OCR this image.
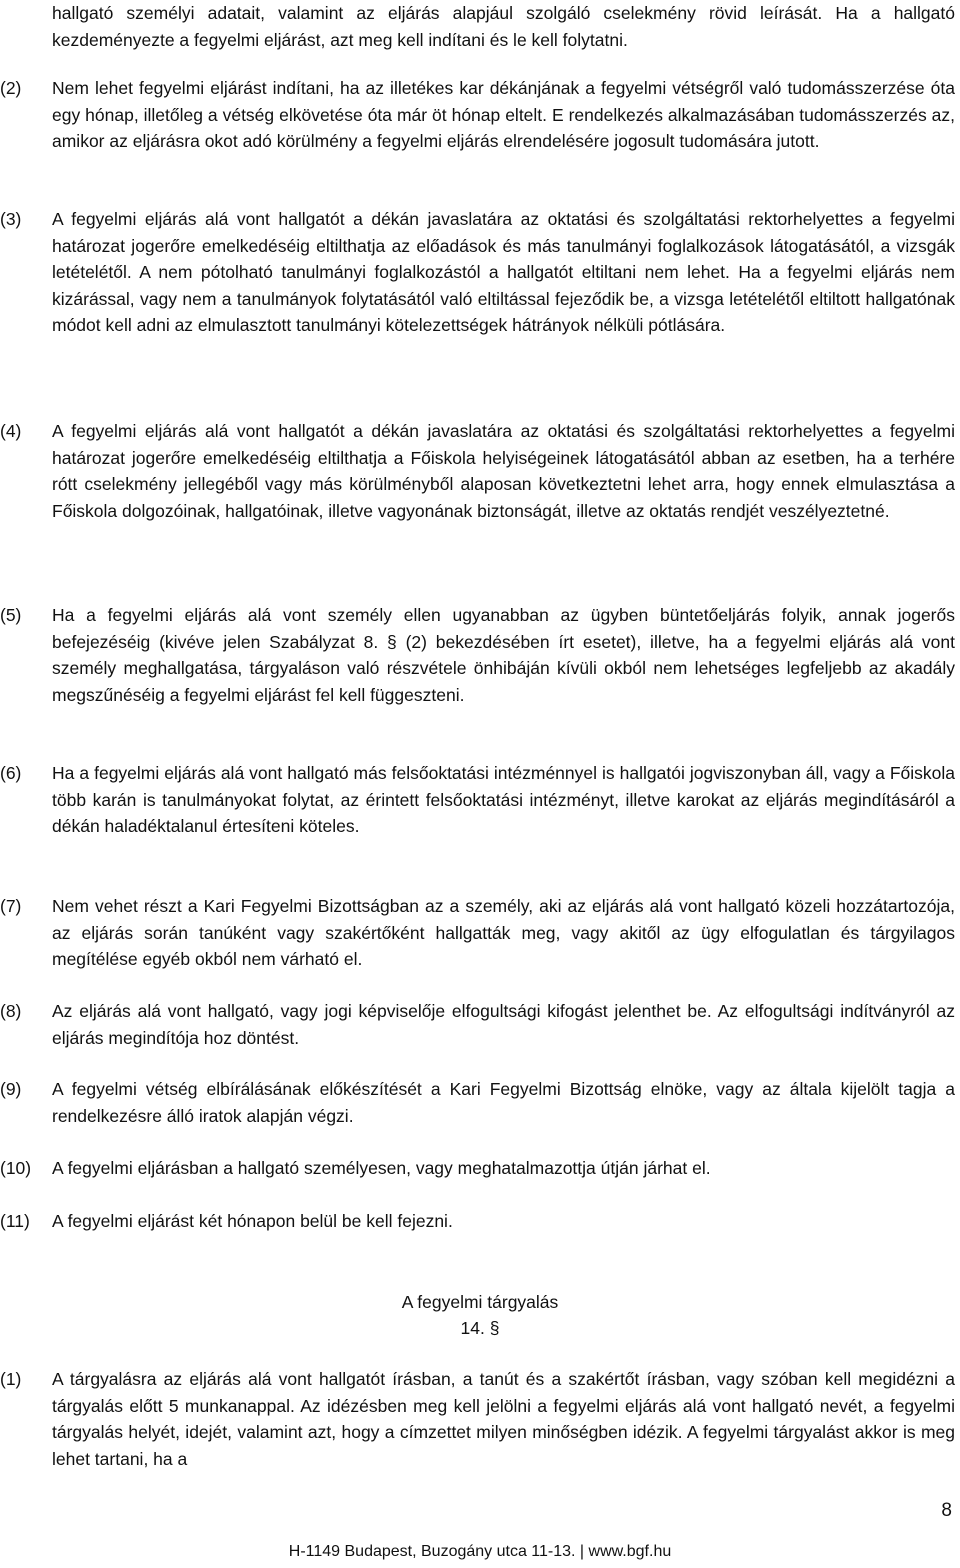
hallgató személyi adatait, valamint az eljárás alapjául szolgáló cselekmény rövid leírását. Ha a hallgató kezdeményezte a fegyelmi eljárást, azt meg kell indítani és le kell folytatni.
(2)	Nem lehet fegyelmi eljárást indítani, ha az illetékes kar dékánjának a fegyelmi vétségről való tudomásszerzése óta egy hónap, illetőleg a vétség elkövetése óta már öt hónap eltelt. E rendelkezés alkalmazásában tudomásszerzés az, amikor az eljárásra okot adó körülmény a fegyelmi eljárás elrendelésére jogosult tudomására jutott.
(3)	A fegyelmi eljárás alá vont hallgatót a dékán javaslatára az oktatási és szolgáltatási rektorhelyettes a fegyelmi határozat jogerőre emelkedéséig eltilthatja az előadások és más tanulmányi foglalkozások látogatásától, a vizsgák letételétől. A nem pótolható tanulmányi foglalkozástól a hallgatót eltiltani nem lehet. Ha a fegyelmi eljárás nem kizárással, vagy nem a tanulmányok folytatásától való eltiltással fejeződik be, a vizsga letételétől eltiltott hallgatónak módot kell adni az elmulasztott tanulmányi kötelezettségek hátrányok nélküli pótlására.
(4)	A fegyelmi eljárás alá vont hallgatót a dékán javaslatára az oktatási és szolgáltatási rektorhelyettes a fegyelmi határozat jogerőre emelkedéséig eltilthatja a Főiskola helyiségeinek látogatásától abban az esetben, ha a terhére rótt cselekmény jellegéből vagy más körülményből alaposan következtetni lehet arra, hogy ennek elmulasztása a Főiskola dolgozóinak, hallgatóinak, illetve vagyonának biztonságát, illetve az oktatás rendjét veszélyeztetné.
(5)	Ha a fegyelmi eljárás alá vont személy ellen ugyanabban az ügyben büntetőeljárás folyik, annak jogerős befejezéséig (kivéve jelen Szabályzat 8. § (2) bekezdésében írt esetet), illetve, ha a fegyelmi eljárás alá vont személy meghallgatása, tárgyaláson való részvétele önhibáján kívüli okból nem lehetséges legfeljebb az akadály megszűnéséig a fegyelmi eljárást fel kell függeszteni.
(6)	Ha a fegyelmi eljárás alá vont hallgató más felsőoktatási intézménnyel is hallgatói jogviszonyban áll, vagy a Főiskola több karán is tanulmányokat folytat, az érintett felsőoktatási intézményt, illetve karokat az eljárás megindításáról a dékán haladéktalanul értesíteni köteles.
(7)	Nem vehet részt a Kari Fegyelmi Bizottságban az a személy, aki az eljárás alá vont hallgató közeli hozzátartozója, az eljárás során tanúként vagy szakértőként hallgatták meg, vagy akitől az ügy elfogulatlan és tárgyilagos megítélése egyéb okból nem várható el.
(8)	Az eljárás alá vont hallgató, vagy jogi képviselője elfogultsági kifogást jelenthet be. Az elfogultsági indítványról az eljárás megindítója hoz döntést.
(9)	A fegyelmi vétség elbírálásának előkészítését a Kari Fegyelmi Bizottság elnöke, vagy az általa kijelölt tagja a rendelkezésre álló iratok alapján végzi.
(10)	A fegyelmi eljárásban a hallgató személyesen, vagy meghatalmazottja útján járhat el.
(11)	A fegyelmi eljárást két hónapon belül be kell fejezni.
A fegyelmi tárgyalás
14. §
(1)	A tárgyalásra az eljárás alá vont hallgatót írásban, a tanút és a szakértőt írásban, vagy szóban kell megidézni a tárgyalás előtt 5 munkanappal. Az idézésben meg kell jelölni a fegyelmi eljárás alá vont hallgató nevét, a fegyelmi tárgyalás helyét, idejét, valamint azt, hogy a címzettet milyen minőségben idézik. A fegyelmi tárgyalást akkor is meg lehet tartani, ha a
8
H-1149 Budapest, Buzogány utca 11-13. | www.bgf.hu
